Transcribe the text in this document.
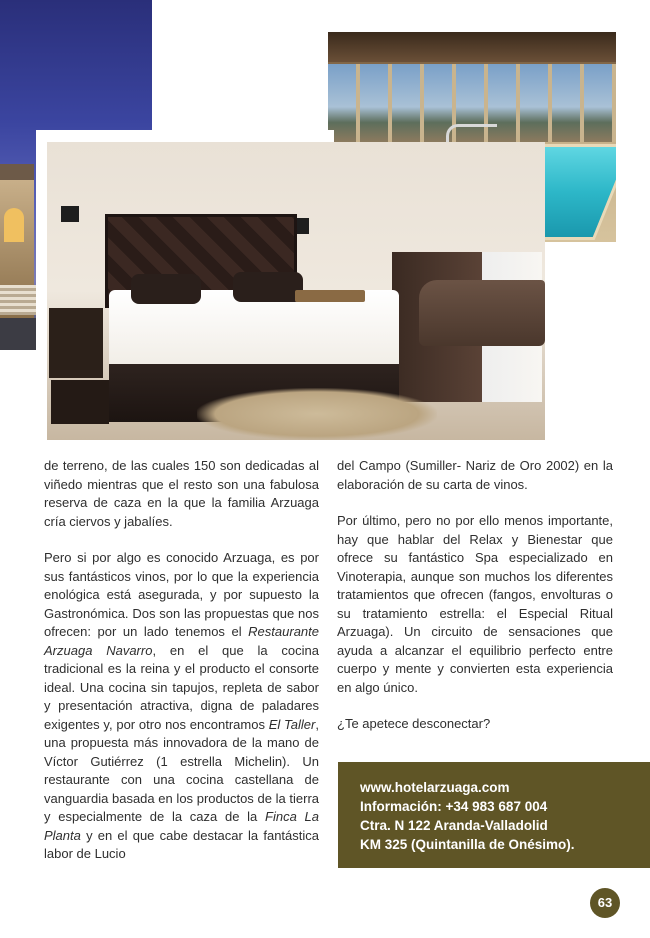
de terreno, de las cuales 150 son dedicadas al viñedo mientras que el resto son una fabulosa reserva de caza en la que la familia Arzuaga cría ciervos y jabalíes.

Pero si por algo es conocido Arzuaga, es por sus fantásticos vinos, por lo que la experiencia enológica está asegurada, y por supuesto la Gastronómica. Dos son las propuestas que nos ofrecen: por un lado tenemos el Restaurante Arzuaga Navarro, en el que la cocina tradicional es la reina y el producto el consorte ideal. Una cocina sin tapujos, repleta de sabor y presentación atractiva, digna de paladares exigentes y, por otro nos encontramos El Taller, una propuesta más innovadora de la mano de Víctor Gutiérrez (1 estrella Michelin). Un restaurante con una cocina castellana de vanguardia basada en los productos de la tierra y especialmente de la caza de la Finca La Planta y en el que cabe destacar la fantástica labor de Lucio

del Campo (Sumiller- Nariz de Oro 2002) en la elaboración de su carta de vinos.

Por último, pero no por ello menos importante, hay que hablar del Relax y Bienestar que ofrece su fantástico Spa especializado en Vinoterapia, aunque son muchos los diferentes tratamientos que ofrecen (fangos, envolturas o su tratamiento estrella: el Especial Ritual Arzuaga). Un circuito de sensaciones que ayuda a alcanzar el equilibrio perfecto entre cuerpo y mente y convierten esta experiencia en algo único.

¿Te apetece desconectar?

www.hotelarzuaga.com
Información: +34 983 687 004
Ctra. N 122 Aranda-Valladolid
KM 325 (Quintanilla de Onésimo).
63
